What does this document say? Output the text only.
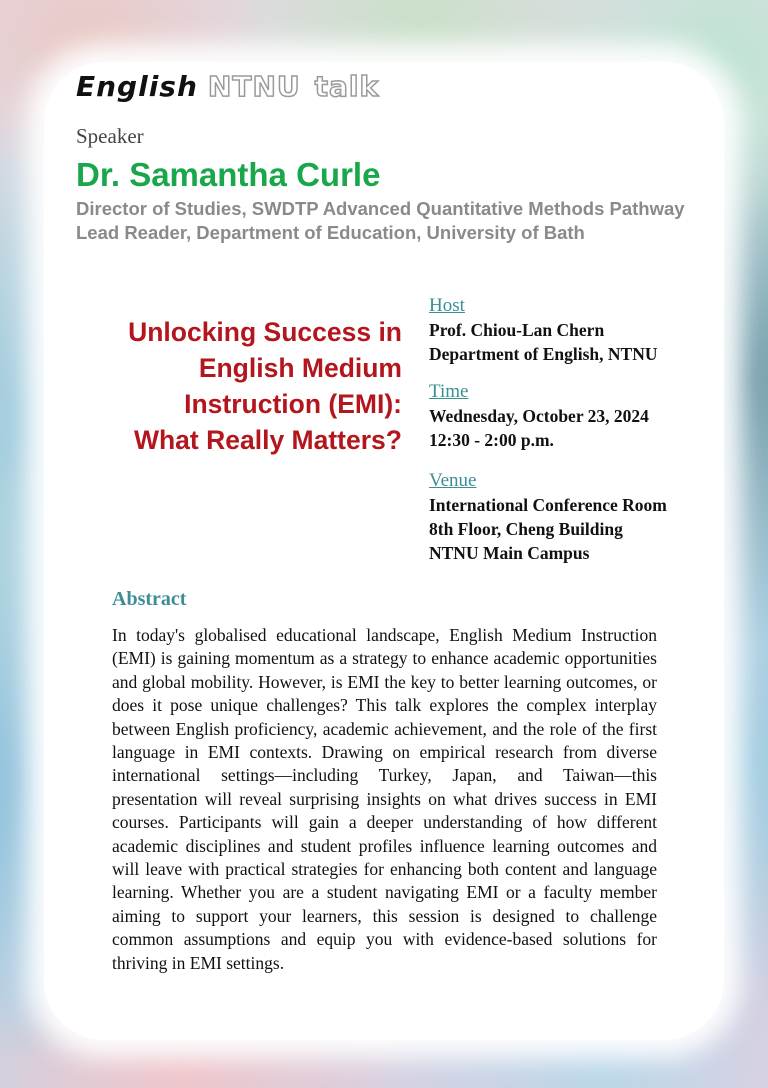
English NTNU talk
Speaker
Dr. Samantha Curle
Director of Studies, SWDTP Advanced Quantitative Methods Pathway
Lead Reader, Department of Education, University of Bath
Unlocking Success in
English Medium
Instruction (EMI):
What Really Matters?
Host
Prof. Chiou-Lan Chern
Department of English, NTNU
Time
Wednesday, October 23, 2024
12:30 - 2:00 p.m.
Venue
International Conference Room
8th Floor, Cheng Building
NTNU Main Campus
Abstract
In today's globalised educational landscape, English Medium Instruction (EMI) is gaining momentum as a strategy to enhance academic opportunities and global mobility. However, is EMI the key to better learning outcomes, or does it pose unique challenges? This talk explores the complex interplay between English proficiency, academic achievement, and the role of the first language in EMI contexts. Drawing on empirical research from diverse international settings—including Turkey, Japan, and Taiwan—this presentation will reveal surprising insights on what drives success in EMI courses. Participants will gain a deeper understanding of how different academic disciplines and student profiles influence learning outcomes and will leave with practical strategies for enhancing both content and language learning. Whether you are a student navigating EMI or a faculty member aiming to support your learners, this session is designed to challenge common assumptions and equip you with evidence-based solutions for thriving in EMI settings.
